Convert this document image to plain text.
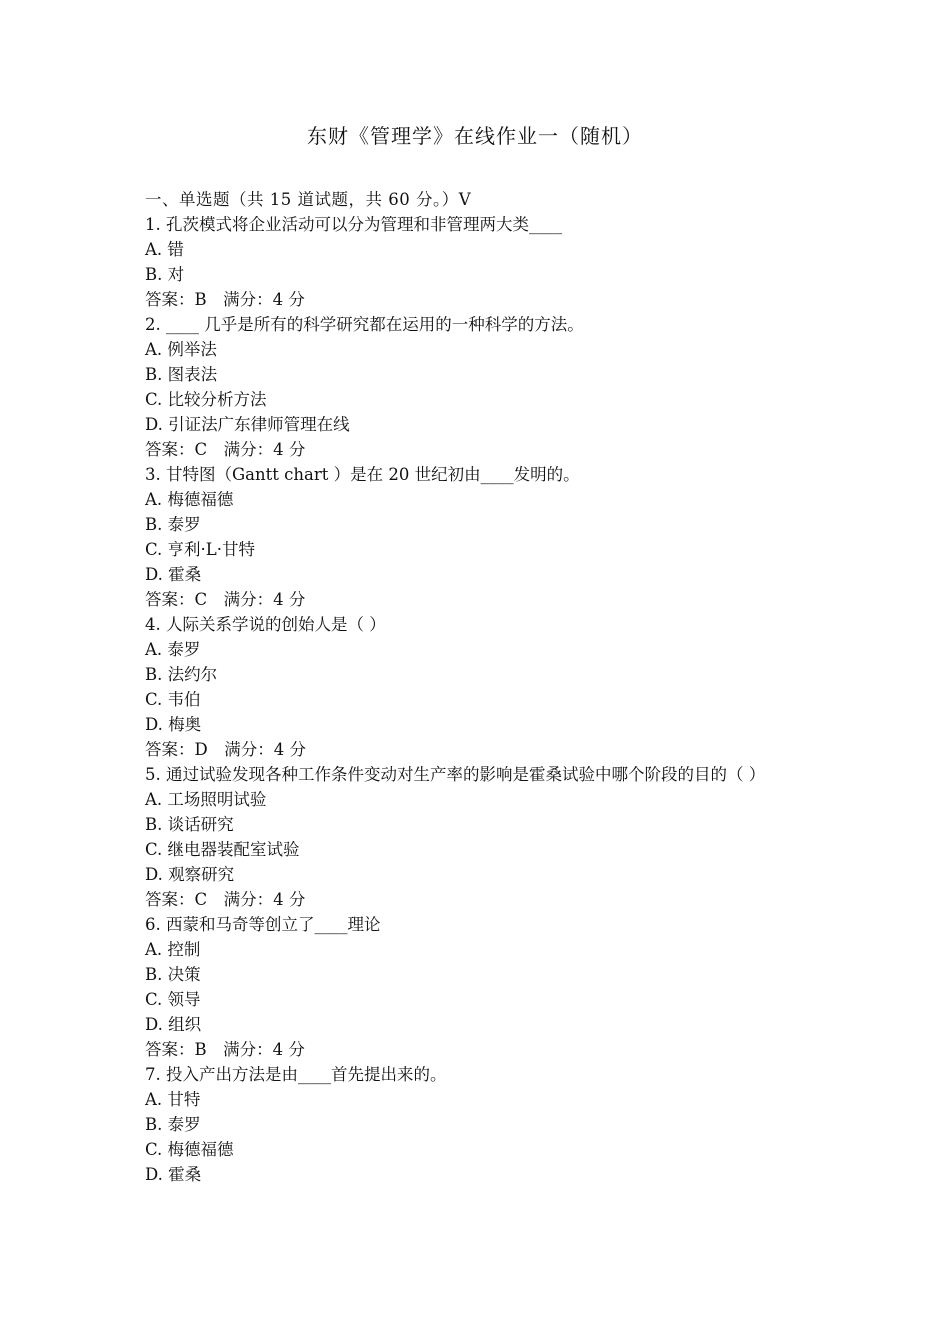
东财《管理学》在线作业一（随机）
一、单选题（共 15 道试题，共 60 分。）V
1. 孔茨模式将企业活动可以分为管理和非管理两大类____
A. 错
B. 对
答案：B　满分：4 分
2. ____ 几乎是所有的科学研究都在运用的一种科学的方法。
A. 例举法
B. 图表法
C. 比较分析方法
D. 引证法广东律师管理在线
答案：C　满分：4 分
3. 甘特图（Gantt chart ）是在 20 世纪初由____发明的。
A. 梅德福德
B. 泰罗
C. 亨利·L·甘特
D. 霍桑
答案：C　满分：4 分
4. 人际关系学说的创始人是（ ）
A. 泰罗
B. 法约尔
C. 韦伯
D. 梅奥
答案：D　满分：4 分
5. 通过试验发现各种工作条件变动对生产率的影响是霍桑试验中哪个阶段的目的（ ）
A. 工场照明试验
B. 谈话研究
C. 继电器装配室试验
D. 观察研究
答案：C　满分：4 分
6. 西蒙和马奇等创立了____理论
A. 控制
B. 决策
C. 领导
D. 组织
答案：B　满分：4 分
7. 投入产出方法是由____首先提出来的。
A. 甘特
B. 泰罗
C. 梅德福德
D. 霍桑
